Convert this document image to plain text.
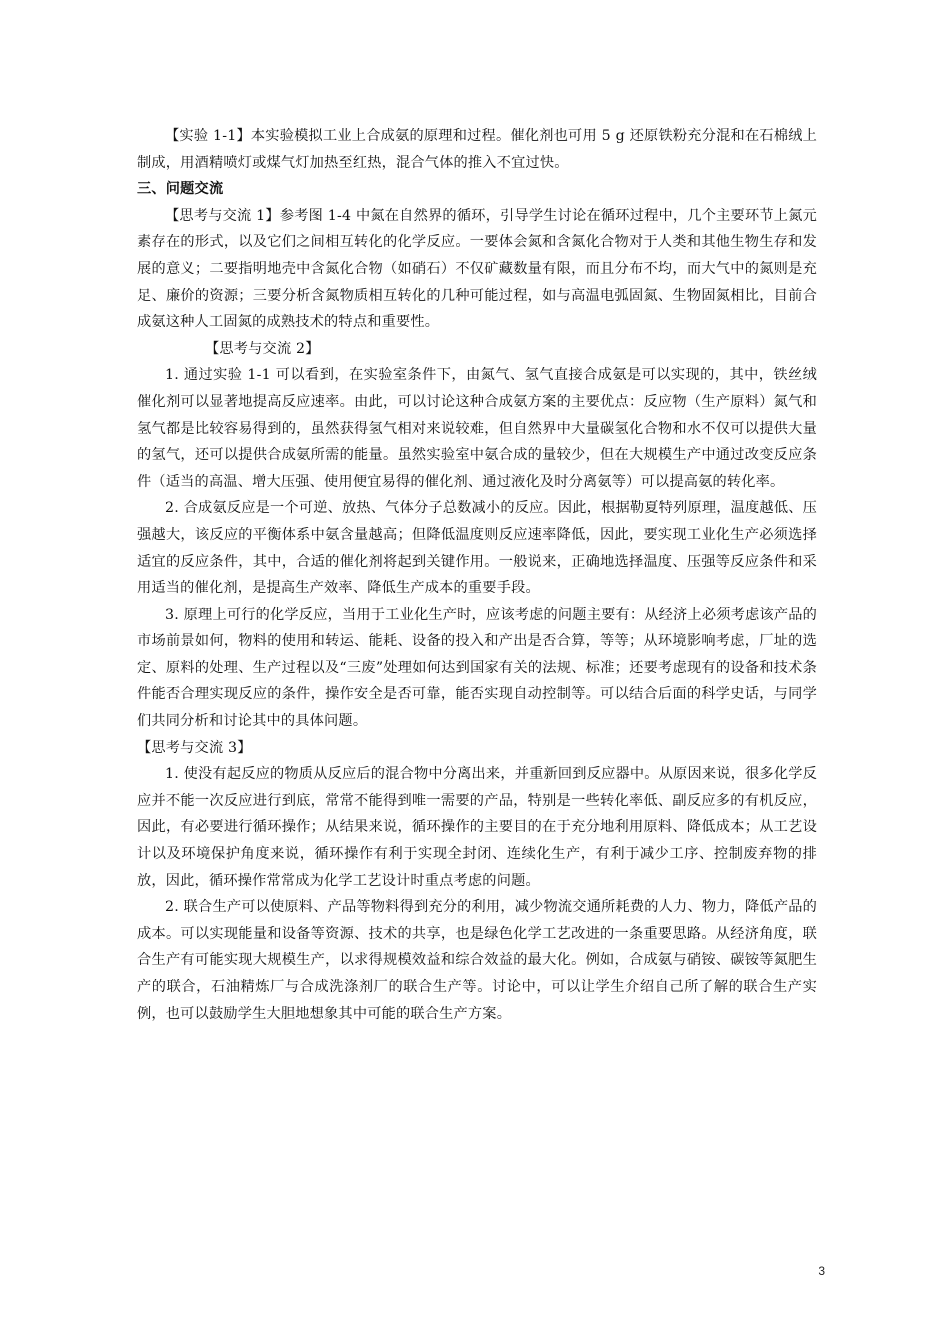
【实验 1-1】本实验模拟工业上合成氨的原理和过程。催化剂也可用 5 g 还原铁粉充分混和在石棉绒上制成，用酒精喷灯或煤气灯加热至红热，混合气体的推入不宜过快。

三、问题交流

【思考与交流 1】参考图 1-4 中氮在自然界的循环，引导学生讨论在循环过程中，几个主要环节上氮元素存在的形式，以及它们之间相互转化的化学反应。一要体会氮和含氮化合物对于人类和其他生物生存和发展的意义；二要指明地壳中含氮化合物（如硝石）不仅矿藏数量有限，而且分布不均，而大气中的氮则是充足、廉价的资源；三要分析含氮物质相互转化的几种可能过程，如与高温电弧固氮、生物固氮相比，目前合成氨这种人工固氮的成熟技术的特点和重要性。

【思考与交流 2】

1. 通过实验 1-1 可以看到，在实验室条件下，由氮气、氢气直接合成氨是可以实现的，其中，铁丝绒催化剂可以显著地提高反应速率。由此，可以讨论这种合成氨方案的主要优点：反应物（生产原料）氮气和氢气都是比较容易得到的，虽然获得氢气相对来说较难，但自然界中大量碳氢化合物和水不仅可以提供大量的氢气，还可以提供合成氨所需的能量。虽然实验室中氨合成的量较少，但在大规模生产中通过改变反应条件（适当的高温、增大压强、使用便宜易得的催化剂、通过液化及时分离氨等）可以提高氨的转化率。

2. 合成氨反应是一个可逆、放热、气体分子总数减小的反应。因此，根据勒夏特列原理，温度越低、压强越大，该反应的平衡体系中氨含量越高；但降低温度则反应速率降低，因此，要实现工业化生产必须选择适宜的反应条件，其中，合适的催化剂将起到关键作用。一般说来，正确地选择温度、压强等反应条件和采用适当的催化剂，是提高生产效率、降低生产成本的重要手段。

3. 原理上可行的化学反应，当用于工业化生产时，应该考虑的问题主要有：从经济上必须考虑该产品的市场前景如何，物料的使用和转运、能耗、设备的投入和产出是否合算，等等；从环境影响考虑，厂址的选定、原料的处理、生产过程以及“三废”处理如何达到国家有关的法规、标准；还要考虑现有的设备和技术条件能否合理实现反应的条件，操作安全是否可靠，能否实现自动控制等。可以结合后面的科学史话，与同学们共同分析和讨论其中的具体问题。

【思考与交流 3】

1. 使没有起反应的物质从反应后的混合物中分离出来，并重新回到反应器中。从原因来说，很多化学反应并不能一次反应进行到底，常常不能得到唯一需要的产品，特别是一些转化率低、副反应多的有机反应，因此，有必要进行循环操作；从结果来说，循环操作的主要目的在于充分地利用原料、降低成本；从工艺设计以及环境保护角度来说，循环操作有利于实现全封闭、连续化生产，有利于减少工序、控制废弃物的排放，因此，循环操作常常成为化学工艺设计时重点考虑的问题。

2. 联合生产可以使原料、产品等物料得到充分的利用，减少物流交通所耗费的人力、物力，降低产品的成本。可以实现能量和设备等资源、技术的共享，也是绿色化学工艺改进的一条重要思路。从经济角度，联合生产有可能实现大规模生产，以求得规模效益和综合效益的最大化。例如，合成氨与硝铵、碳铵等氮肥生产的联合，石油精炼厂与合成洗涤剂厂的联合生产等。讨论中，可以让学生介绍自己所了解的联合生产实例，也可以鼓励学生大胆地想象其中可能的联合生产方案。

3
